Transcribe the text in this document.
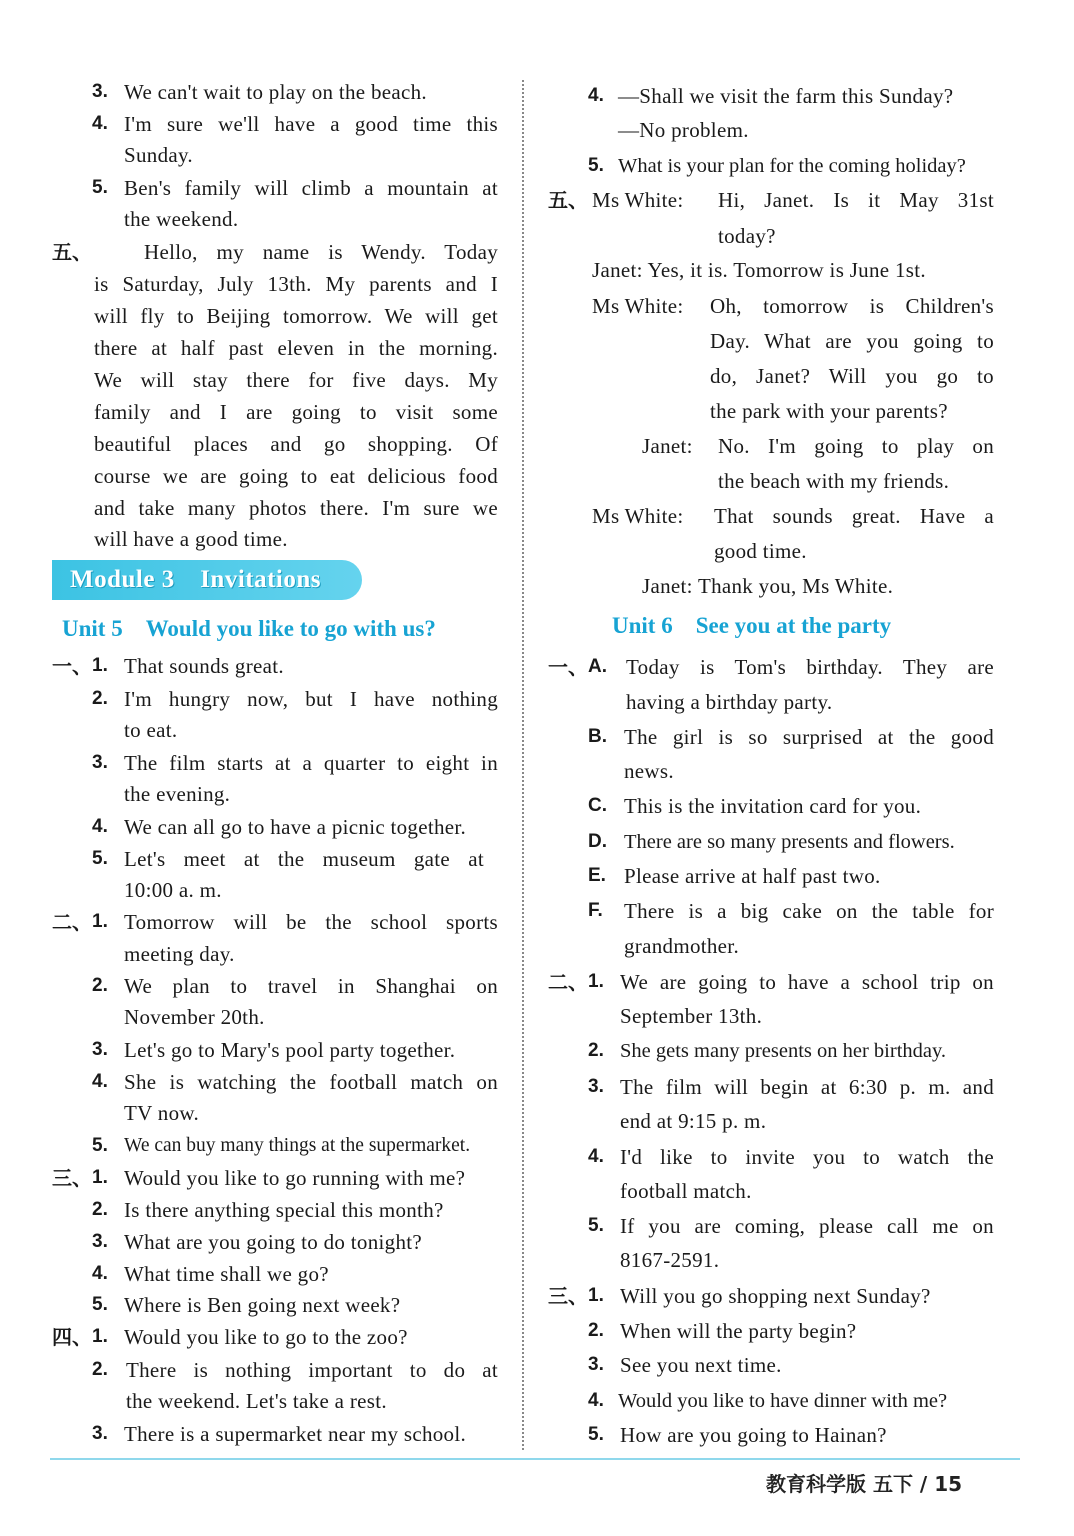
3. We can't wait to play on the beach.
4. I'm sure we'll have a good time this
Sunday.
5. Ben's family will climb a mountain at
the weekend.
五、 Hello, my name is Wendy. Today
is Saturday, July 13th. My parents and I
will fly to Beijing tomorrow. We will get
there at half past eleven in the morning.
We will stay there for five days. My
family and I are going to visit some
beautiful places and go shopping. Of
course we are going to eat delicious food
and take many photos there. I'm sure we
will have a good time.
Module 3　Invitations
Unit 5　Would you like to go with us?
一、 1. That sounds great.
2. I'm hungry now, but I have nothing
to eat.
3. The film starts at a quarter to eight in
the evening.
4. We can all go to have a picnic together.
5. Let's meet at the museum gate at
10:00 a. m.
二、 1. Tomorrow will be the school sports
meeting day.
2. We plan to travel in Shanghai on
November 20th.
3. Let's go to Mary's pool party together.
4. She is watching the football match on
TV now.
5. We can buy many things at the supermarket.
三、 1. Would you like to go running with me?
2. Is there anything special this month?
3. What are you going to do tonight?
4. What time shall we go?
5. Where is Ben going next week?
四、 1. Would you like to go to the zoo?
2. There is nothing important to do at
the weekend. Let's take a rest.
3. There is a supermarket near my school.
4. —Shall we visit the farm this Sunday?
—No problem.
5. What is your plan for the coming holiday?
五、 Ms White: Hi, Janet. Is it May 31st
today?
Janet: Yes, it is. Tomorrow is June 1st.
Ms White: Oh, tomorrow is Children's
Day. What are you going to
do, Janet? Will you go to
the park with your parents?
Janet: No. I'm going to play on
the beach with my friends.
Ms White: That sounds great. Have a
good time.
Janet: Thank you, Ms White.
Unit 6　See you at the party
一、 A. Today is Tom's birthday. They are
having a birthday party.
B. The girl is so surprised at the good
news.
C. This is the invitation card for you.
D. There are so many presents and flowers.
E. Please arrive at half past two.
F. There is a big cake on the table for
grandmother.
二、 1. We are going to have a school trip on
September 13th.
2. She gets many presents on her birthday.
3. The film will begin at 6:30 p. m. and
end at 9:15 p. m.
4. I'd like to invite you to watch the
football match.
5. If you are coming, please call me on
8167-2591.
三、 1. Will you go shopping next Sunday?
2. When will the party begin?
3. See you next time.
4. Would you like to have dinner with me?
5. How are you going to Hainan?
教育科学版 五下 / 15
